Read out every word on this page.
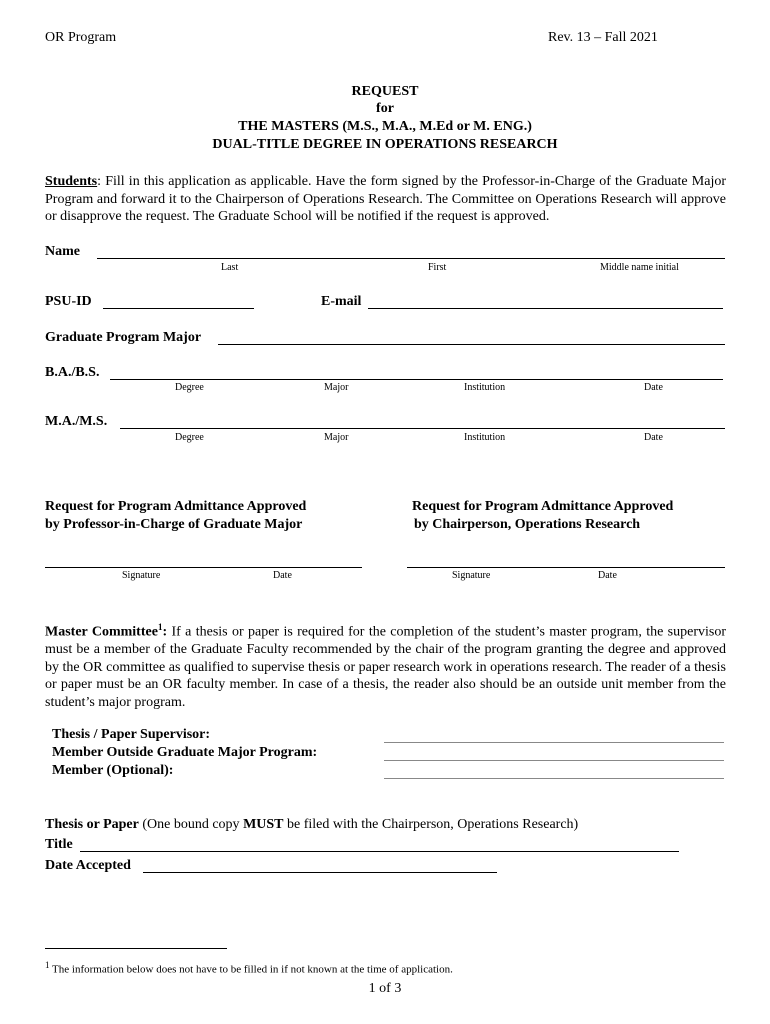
OR Program	Rev. 13 – Fall 2021
REQUEST
for
THE MASTERS (M.S., M.A., M.Ed or M. ENG.)
DUAL-TITLE DEGREE IN OPERATIONS RESEARCH
Students: Fill in this application as applicable. Have the form signed by the Professor-in-Charge of the Graduate Major Program and forward it to the Chairperson of Operations Research. The Committee on Operations Research will approve or disapprove the request. The Graduate School will be notified if the request is approved.
Name
Last	First	Middle name initial
PSU-ID	E-mail
Graduate Program Major
B.A./B.S.
Degree	Major	Institution	Date
M.A./M.S.
Degree	Major	Institution	Date
Request for Program Admittance Approved
by Professor-in-Charge of Graduate Major
Request for Program Admittance Approved
by Chairperson, Operations Research
Signature	Date	Signature	Date
Master Committee$^1$: If a thesis or paper is required for the completion of the student’s master program, the supervisor must be a member of the Graduate Faculty recommended by the chair of the program granting the degree and approved by the OR committee as qualified to supervise thesis or paper research work in operations research. The reader of a thesis or paper must be an OR faculty member. In case of a thesis, the reader also should be an outside unit member from the student’s major program.
Thesis / Paper Supervisor:
Member Outside Graduate Major Program:
Member (Optional):
Thesis or Paper (One bound copy MUST be filed with the Chairperson, Operations Research)
Title
Date Accepted
$^1$ The information below does not have to be filled in if not known at the time of application.
1 of 3
